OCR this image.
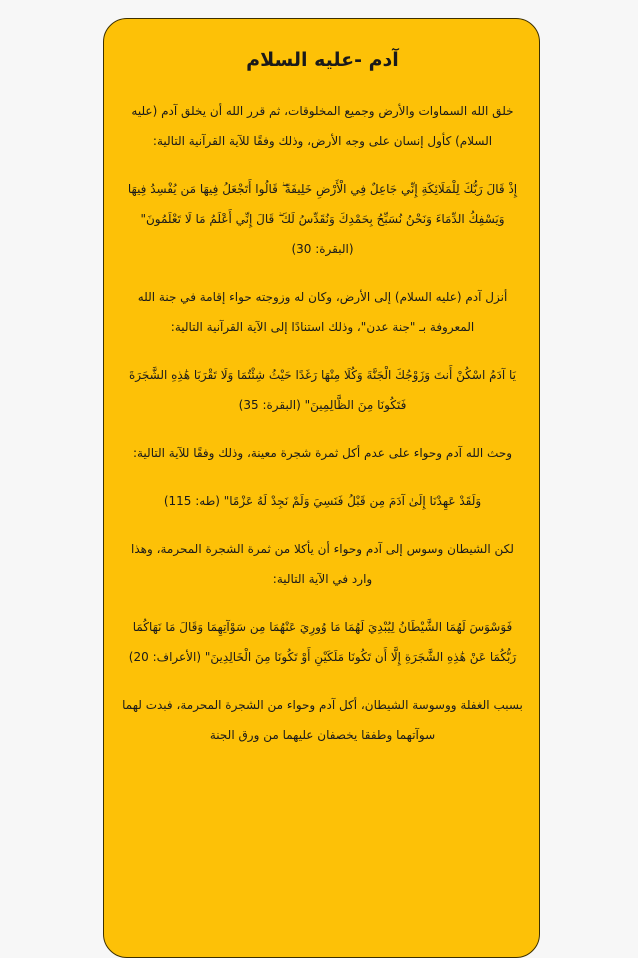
آدم -عليه السلام

خلق الله السماوات والأرض وجميع المخلوقات، ثم قرر الله أن يخلق آدم (عليه السلام) كأول إنسان على وجه الأرض، وذلك وفقًا للآية القرآنية التالية:

إِذْ قَالَ رَبُّكَ لِلْمَلَائِكَةِ إِنِّي جَاعِلٌ فِي الْأَرْضِ خَلِيفَةً ۖ قَالُوا أَتَجْعَلُ فِيهَا مَن يُفْسِدُ فِيهَا وَيَسْفِكُ الدِّمَاءَ وَنَحْنُ نُسَبِّحُ بِحَمْدِكَ وَنُقَدِّسُ لَكَ ۖ قَالَ إِنِّي أَعْلَمُ مَا لَا تَعْلَمُونَ" (البقرة: 30)

أنزل آدم (عليه السلام) إلى الأرض، وكان له وزوجته حواء إقامة في جنة الله المعروفة بـ "جنة عدن"، وذلك استنادًا إلى الآية القرآنية التالية:

يَا آدَمُ اسْكُنْ أَنتَ وَزَوْجُكَ الْجَنَّةَ وَكُلَا مِنْهَا رَغَدًا حَيْثُ شِئْتُمَا وَلَا تَقْرَبَا هَٰذِهِ الشَّجَرَةَ فَتَكُونَا مِنَ الظَّالِمِينَ" (البقرة: 35)

وحث الله آدم وحواء على عدم أكل ثمرة شجرة معينة، وذلك وفقًا للآية التالية:

وَلَقَدْ عَهِدْنَا إِلَىٰ آدَمَ مِن قَبْلُ فَنَسِيَ وَلَمْ نَجِدْ لَهُ عَزْمًا" (طه: 115)

لكن الشيطان وسوس إلى آدم وحواء أن يأكلا من ثمرة الشجرة المحرمة، وهذا وارد في الآية التالية:

فَوَسْوَسَ لَهُمَا الشَّيْطَانُ لِيُبْدِيَ لَهُمَا مَا وُورِيَ عَنْهُمَا مِن سَوْآتِهِمَا وَقَالَ مَا نَهَاكُمَا رَبُّكُمَا عَنْ هَٰذِهِ الشَّجَرَةِ إِلَّا أَن تَكُونَا مَلَكَيْنِ أَوْ تَكُونَا مِنَ الْخَالِدِينَ" (الأعراف: 20)

بسبب الغفلة ووسوسة الشيطان، أكل آدم وحواء من الشجرة المحرمة، فبدت لهما سوآتهما وطفقا يخصفان عليهما من ورق الجنة
